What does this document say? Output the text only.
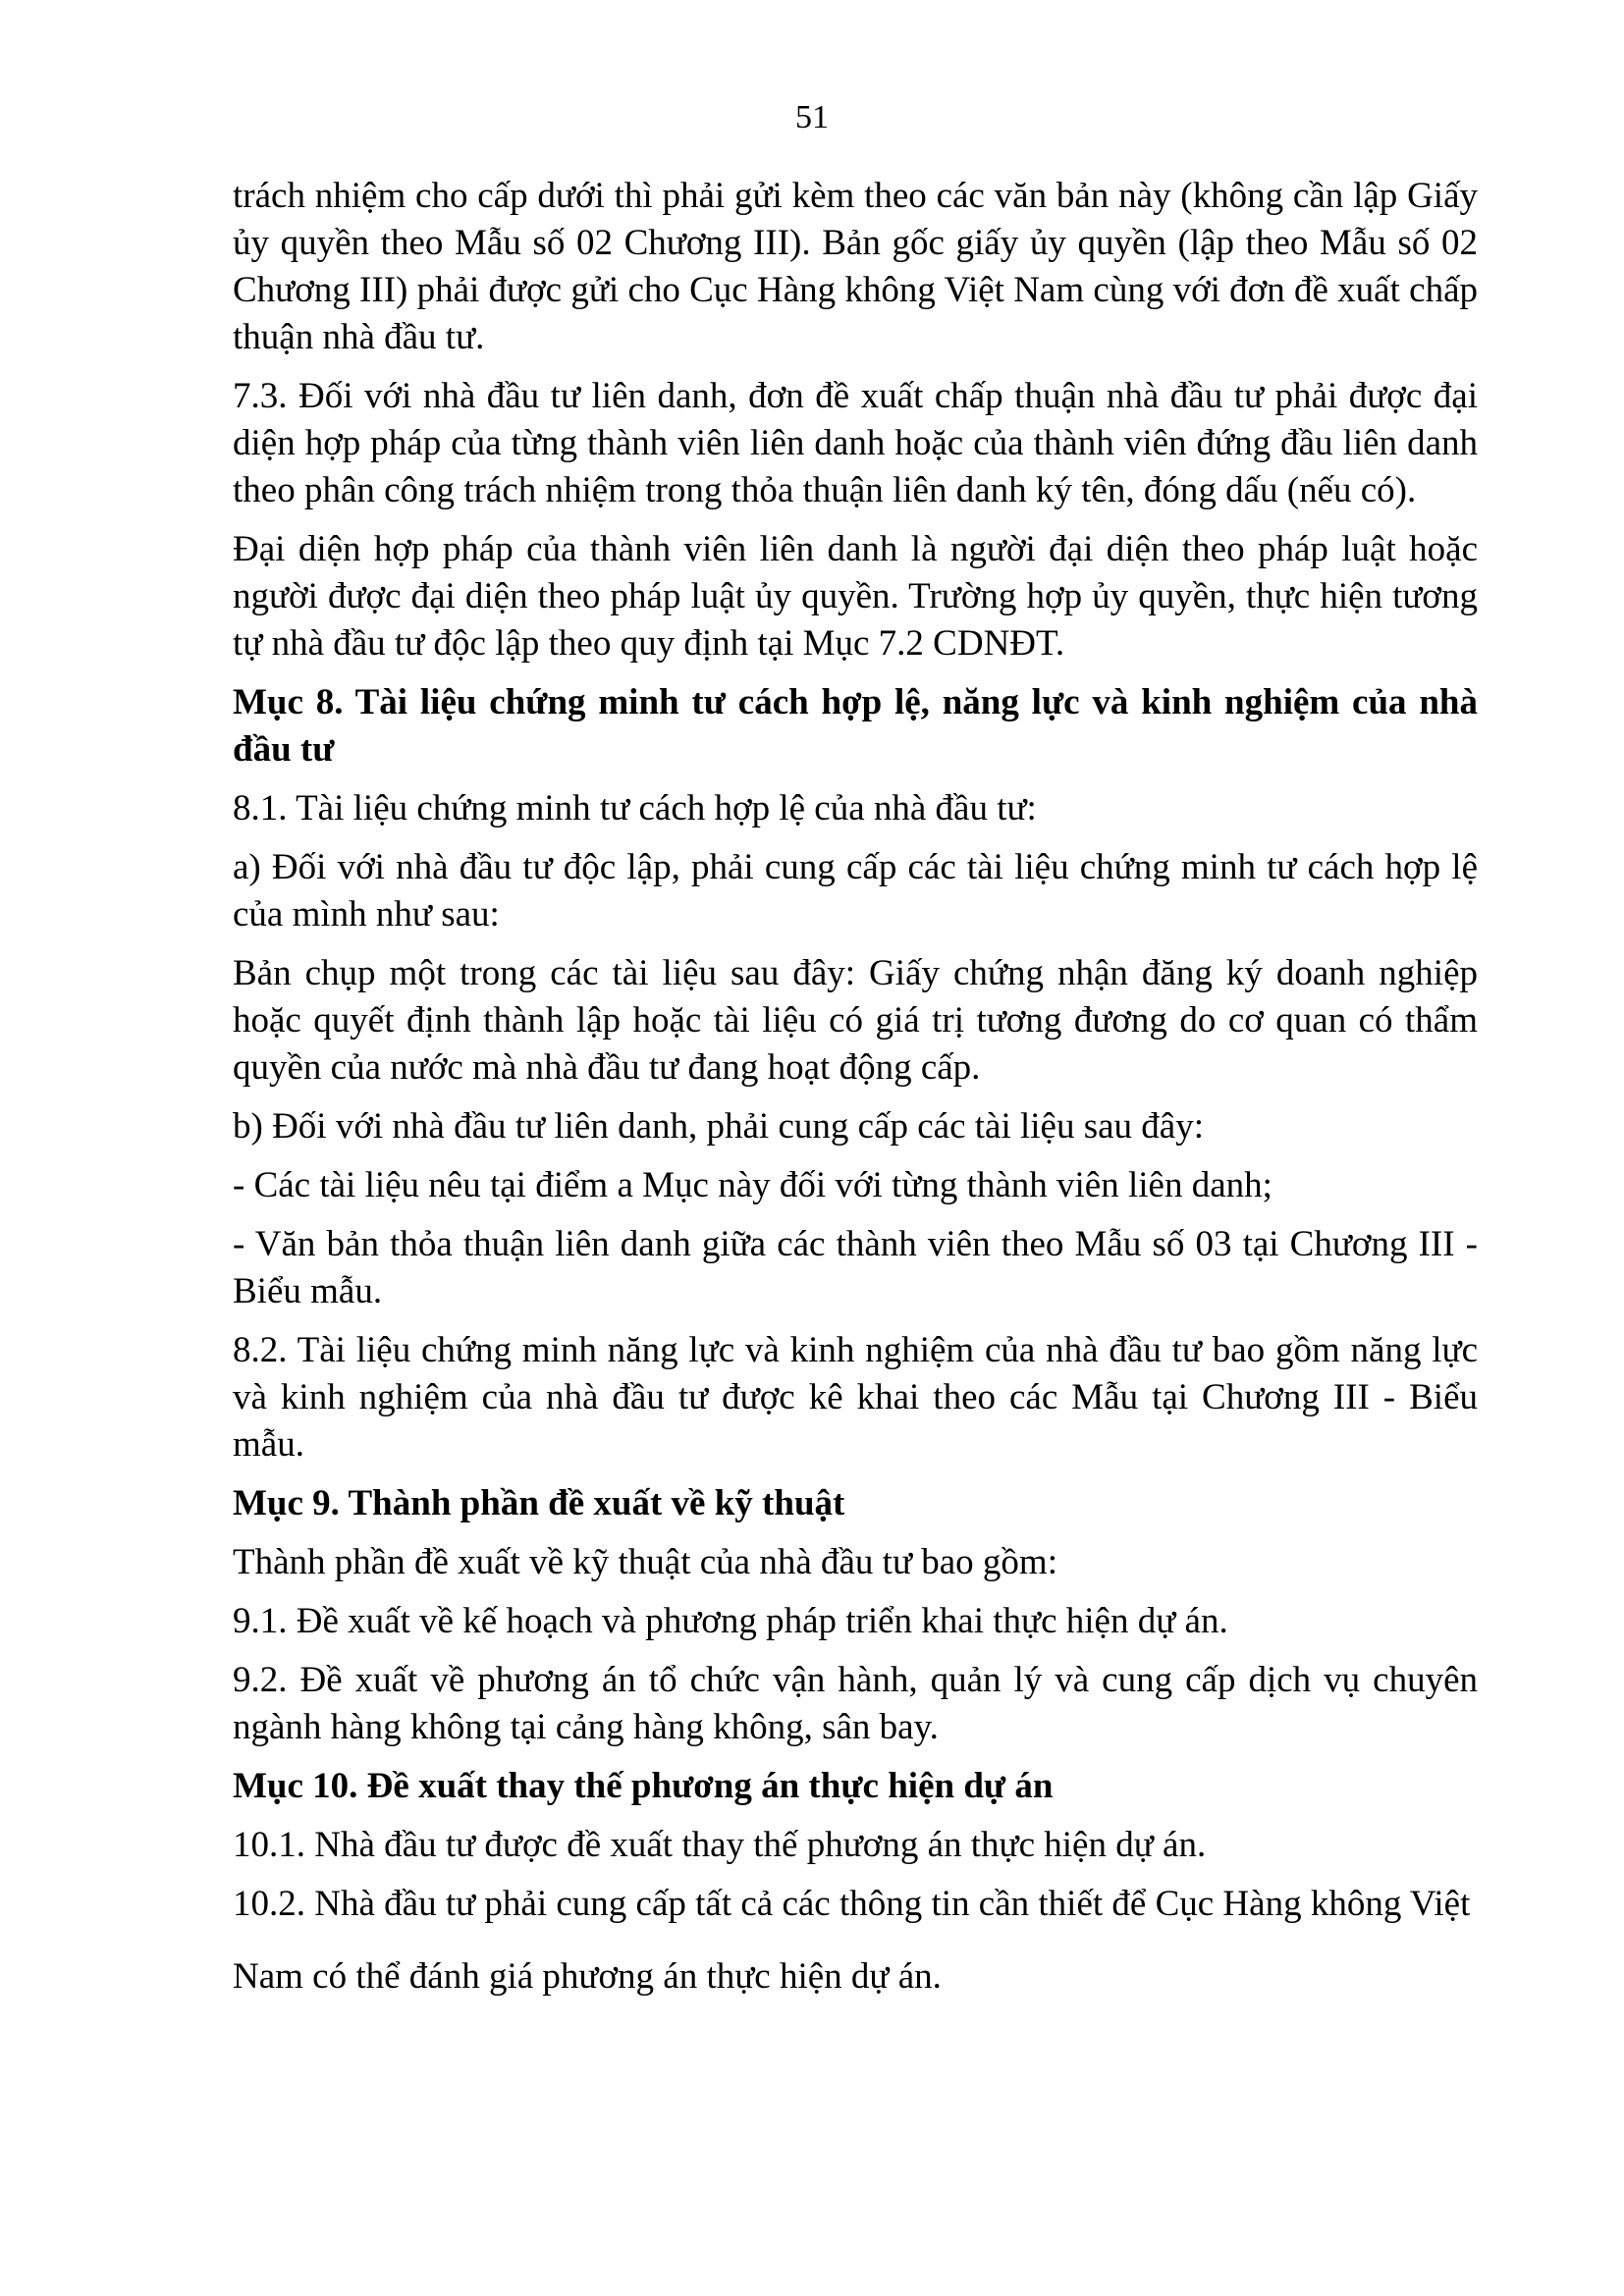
51

trách nhiệm cho cấp dưới thì phải gửi kèm theo các văn bản này (không cần lập Giấy ủy quyền theo Mẫu số 02 Chương III). Bản gốc giấy ủy quyền (lập theo Mẫu số 02 Chương III) phải được gửi cho Cục Hàng không Việt Nam cùng với đơn đề xuất chấp thuận nhà đầu tư.

7.3. Đối với nhà đầu tư liên danh, đơn đề xuất chấp thuận nhà đầu tư phải được đại diện hợp pháp của từng thành viên liên danh hoặc của thành viên đứng đầu liên danh theo phân công trách nhiệm trong thỏa thuận liên danh ký tên, đóng dấu (nếu có).

Đại diện hợp pháp của thành viên liên danh là người đại diện theo pháp luật hoặc người được đại diện theo pháp luật ủy quyền. Trường hợp ủy quyền, thực hiện tương tự nhà đầu tư độc lập theo quy định tại Mục 7.2 CDNĐT.

Mục 8. Tài liệu chứng minh tư cách hợp lệ, năng lực và kinh nghiệm của nhà đầu tư

8.1. Tài liệu chứng minh tư cách hợp lệ của nhà đầu tư:

a) Đối với nhà đầu tư độc lập, phải cung cấp các tài liệu chứng minh tư cách hợp lệ của mình như sau:

Bản chụp một trong các tài liệu sau đây: Giấy chứng nhận đăng ký doanh nghiệp hoặc quyết định thành lập hoặc tài liệu có giá trị tương đương do cơ quan có thẩm quyền của nước mà nhà đầu tư đang hoạt động cấp.

b) Đối với nhà đầu tư liên danh, phải cung cấp các tài liệu sau đây:

- Các tài liệu nêu tại điểm a Mục này đối với từng thành viên liên danh;

- Văn bản thỏa thuận liên danh giữa các thành viên theo Mẫu số 03 tại Chương III - Biểu mẫu.

8.2. Tài liệu chứng minh năng lực và kinh nghiệm của nhà đầu tư bao gồm năng lực và kinh nghiệm của nhà đầu tư được kê khai theo các Mẫu tại Chương III - Biểu mẫu.

Mục 9. Thành phần đề xuất về kỹ thuật

Thành phần đề xuất về kỹ thuật của nhà đầu tư bao gồm:

9.1. Đề xuất về kế hoạch và phương pháp triển khai thực hiện dự án.

9.2. Đề xuất về phương án tổ chức vận hành, quản lý và cung cấp dịch vụ chuyên ngành hàng không tại cảng hàng không, sân bay.

Mục 10. Đề xuất thay thế phương án thực hiện dự án

10.1. Nhà đầu tư được đề xuất thay thế phương án thực hiện dự án.

10.2. Nhà đầu tư phải cung cấp tất cả các thông tin cần thiết để Cục Hàng không Việt

Nam có thể đánh giá phương án thực hiện dự án.
